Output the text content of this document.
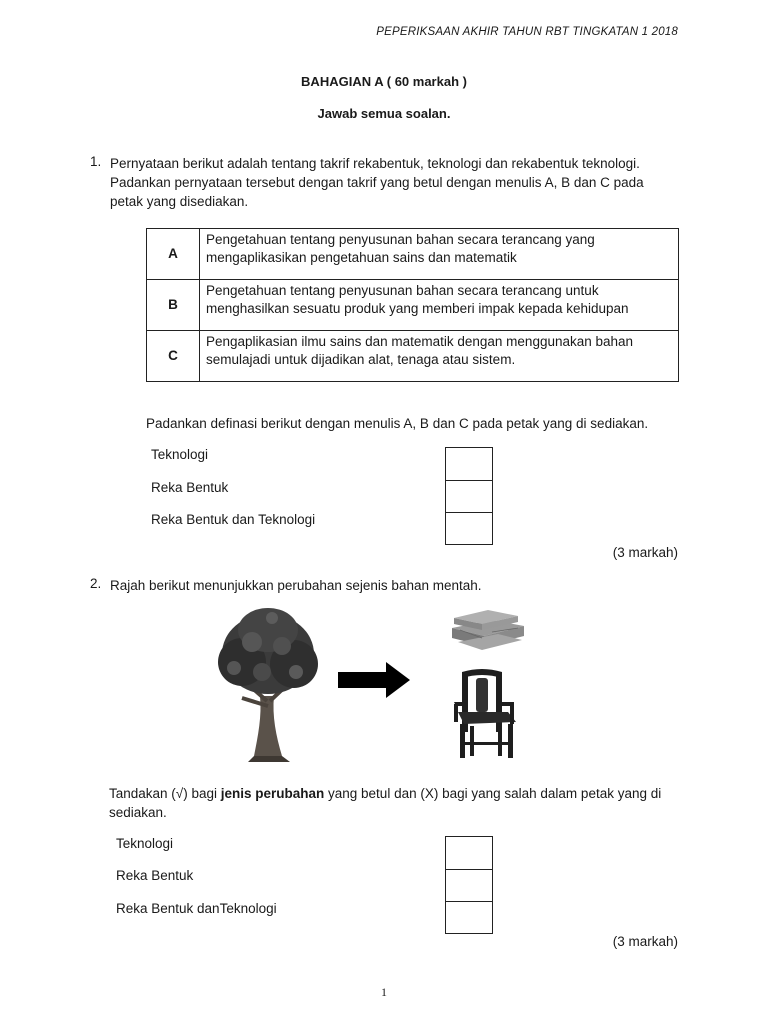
PEPERIKSAAN AKHIR TAHUN RBT TINGKATAN 1 2018
BAHAGIAN A ( 60 markah )
Jawab semua soalan.
1. Pernyataan berikut adalah tentang takrif rekabentuk, teknologi dan rekabentuk teknologi.
Padankan pernyataan tersebut dengan takrif yang betul dengan menulis A, B dan C pada
petak yang disediakan.
A	Pengetahuan tentang penyusunan bahan secara terancang yang
mengaplikasikan pengetahuan sains dan matematik

B	Pengetahuan tentang penyusunan bahan secara terancang untuk
menghasilkan sesuatu produk yang memberi impak kepada kehidupan

C	Pengaplikasian ilmu sains dan matematik dengan menggunakan bahan
semulajadi untuk dijadikan alat, tenaga atau sistem.
Padankan definasi berikut dengan menulis A, B dan C pada petak yang di sediakan.
Teknologi
Reka Bentuk
Reka Bentuk dan Teknologi
(3 markah)
2. Rajah berikut menunjukkan perubahan sejenis bahan mentah.
Tandakan (√) bagi jenis perubahan yang betul dan (X) bagi yang salah dalam petak yang di
sediakan.
Teknologi
Reka Bentuk
Reka Bentuk danTeknologi
(3 markah)
1
